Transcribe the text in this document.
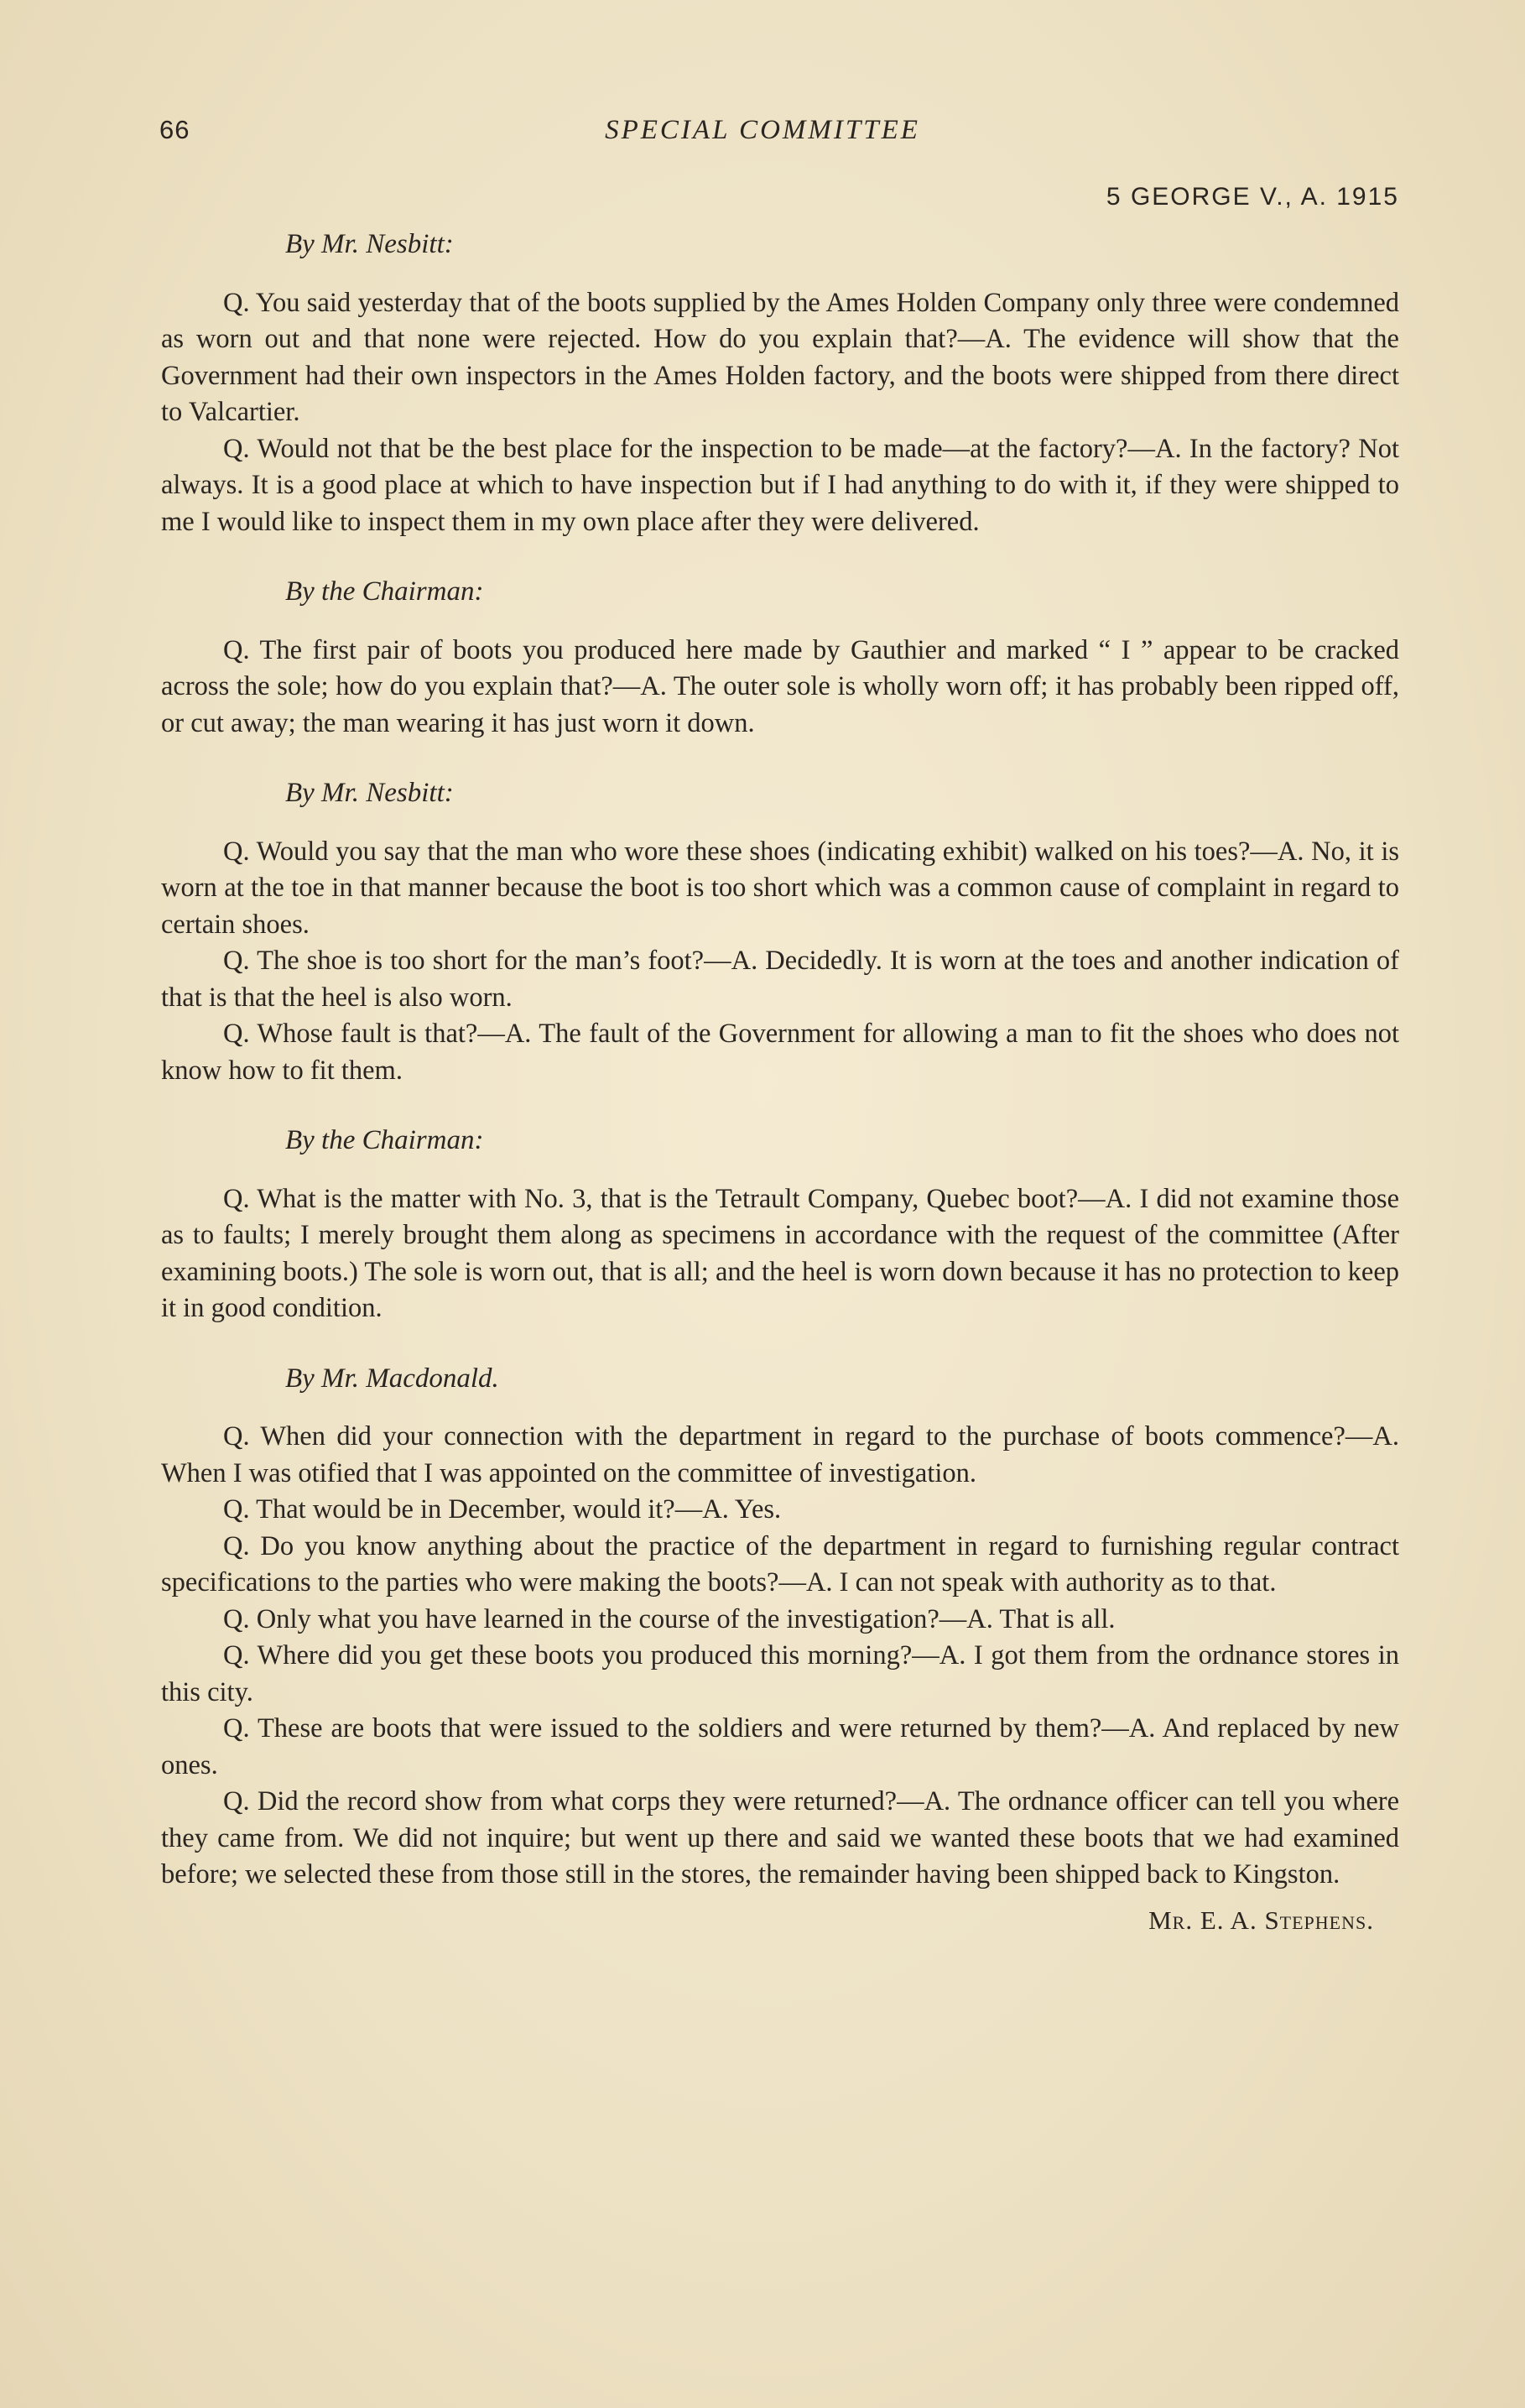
66	SPECIAL COMMITTEE
5 GEORGE V., A. 1915
By Mr. Nesbitt:

Q. You said yesterday that of the boots supplied by the Ames Holden Company only three were condemned as worn out and that none were rejected. How do you explain that?—A. The evidence will show that the Government had their own inspectors in the Ames Holden factory, and the boots were shipped from there direct to Valcartier.

Q. Would not that be the best place for the inspection to be made—at the factory?—A. In the factory? Not always. It is a good place at which to have inspection but if I had anything to do with it, if they were shipped to me I would like to inspect them in my own place after they were delivered.

By the Chairman:

Q. The first pair of boots you produced here made by Gauthier and marked “ I ” appear to be cracked across the sole; how do you explain that?—A. The outer sole is wholly worn off; it has probably been ripped off, or cut away; the man wearing it has just worn it down.

By Mr. Nesbitt:

Q. Would you say that the man who wore these shoes (indicating exhibit) walked on his toes?—A. No, it is worn at the toe in that manner because the boot is too short which was a common cause of complaint in regard to certain shoes.

Q. The shoe is too short for the man’s foot?—A. Decidedly. It is worn at the toes and another indication of that is that the heel is also worn.

Q. Whose fault is that?—A. The fault of the Government for allowing a man to fit the shoes who does not know how to fit them.

By the Chairman:

Q. What is the matter with No. 3, that is the Tetrault Company, Quebec boot?—A. I did not examine those as to faults; I merely brought them along as specimens in accordance with the request of the committee (After examining boots.) The sole is worn out, that is all; and the heel is worn down because it has no protection to keep it in good condition.

By Mr. Macdonald.

Q. When did your connection with the department in regard to the purchase of boots commence?—A. When I was otified that I was appointed on the committee of investigation.

Q. That would be in December, would it?—A. Yes.

Q. Do you know anything about the practice of the department in regard to furnishing regular contract specifications to the parties who were making the boots?—A. I can not speak with authority as to that.

Q. Only what you have learned in the course of the investigation?—A. That is all.

Q. Where did you get these boots you produced this morning?—A. I got them from the ordnance stores in this city.

Q. These are boots that were issued to the soldiers and were returned by them?—A. And replaced by new ones.

Q. Did the record show from what corps they were returned?—A. The ordnance officer can tell you where they came from. We did not inquire; but went up there and said we wanted these boots that we had examined before; we selected these from those still in the stores, the remainder having been shipped back to Kingston.

Mr. E. A. Stephens.
